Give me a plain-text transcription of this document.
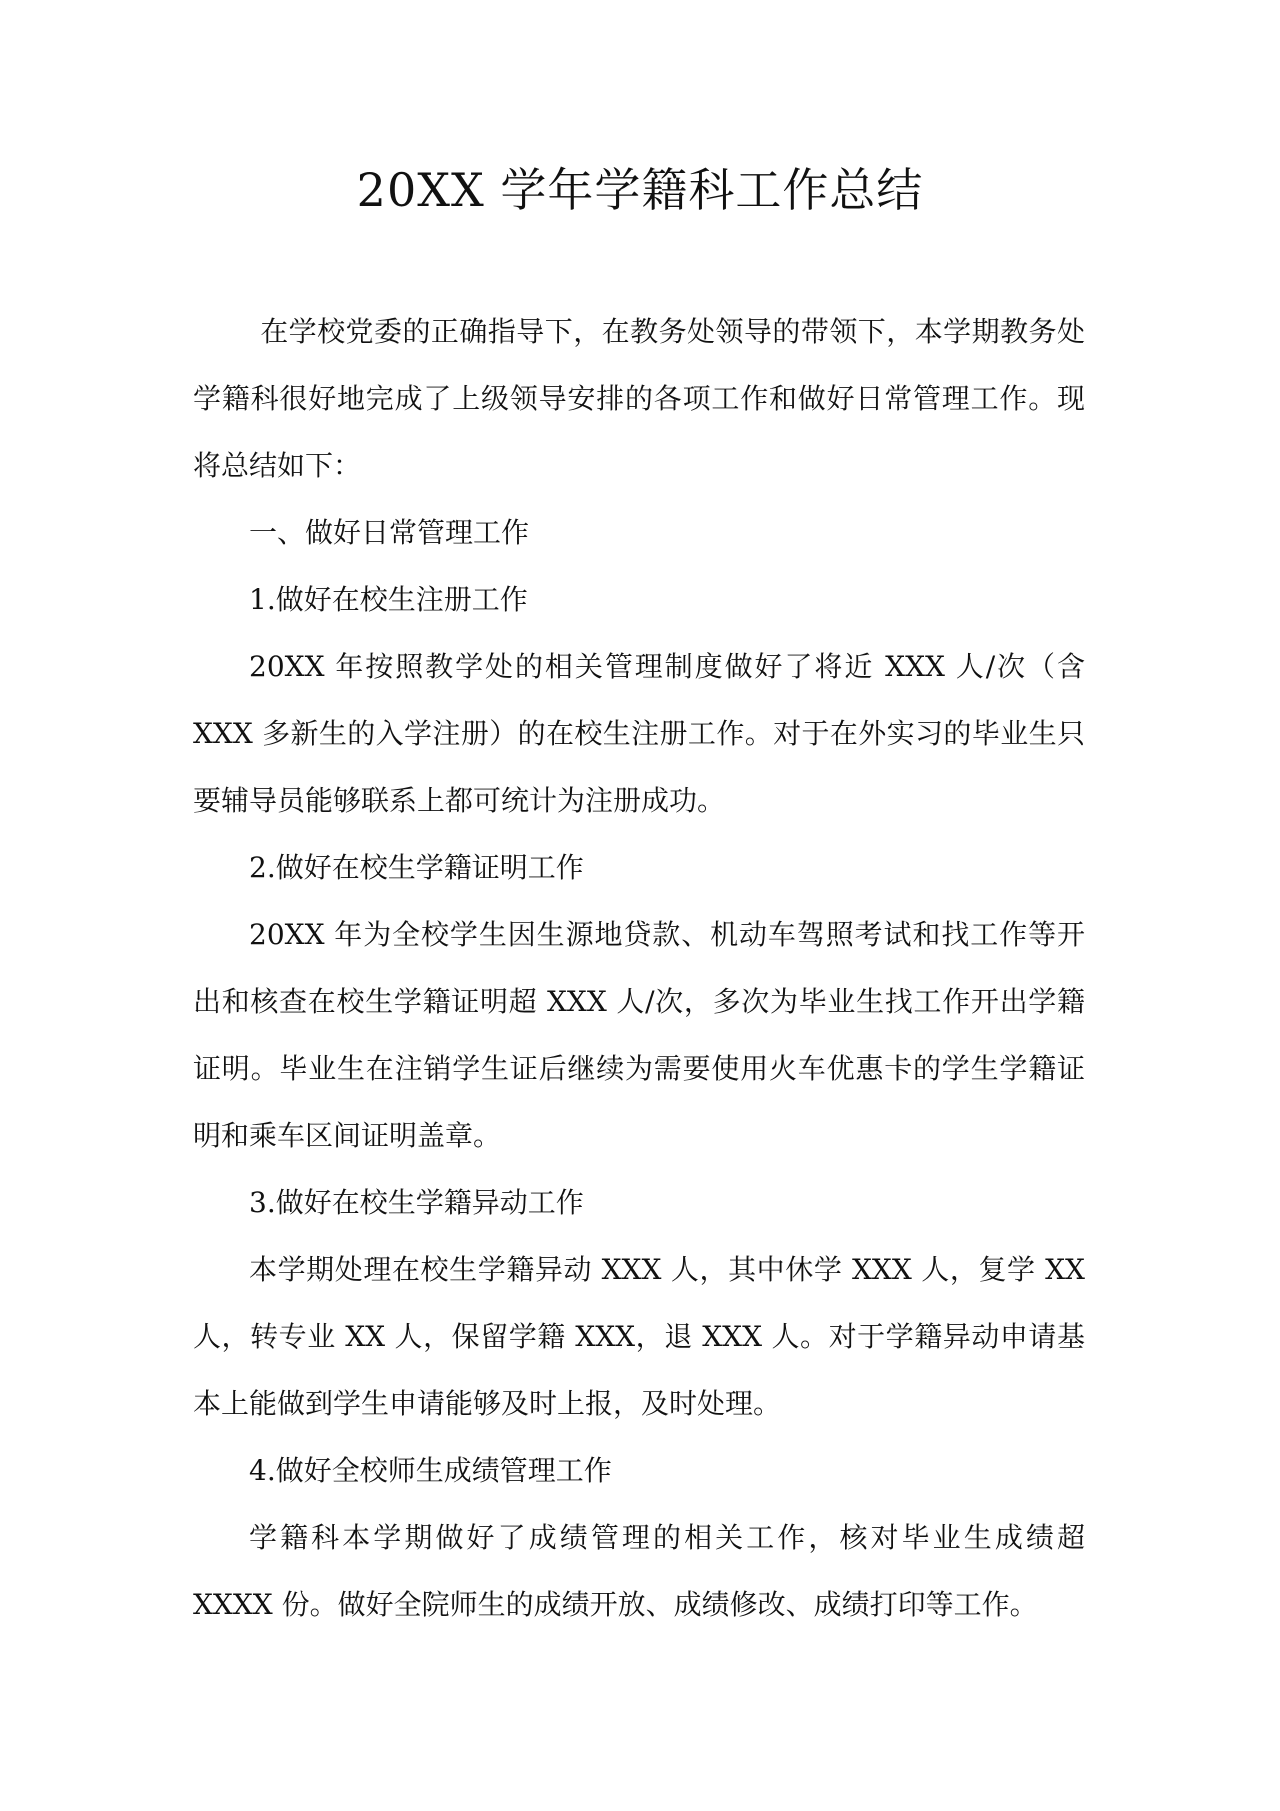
20XX 学年学籍科工作总结

在学校党委的正确指导下，在教务处领导的带领下，本学期教务处学籍科很好地完成了上级领导安排的各项工作和做好日常管理工作。现将总结如下：

一、做好日常管理工作

1.做好在校生注册工作

20XX 年按照教学处的相关管理制度做好了将近 XXX 人/次（含 XXX 多新生的入学注册）的在校生注册工作。对于在外实习的毕业生只要辅导员能够联系上都可统计为注册成功。

2.做好在校生学籍证明工作

20XX 年为全校学生因生源地贷款、机动车驾照考试和找工作等开出和核查在校生学籍证明超 XXX 人/次，多次为毕业生找工作开出学籍证明。毕业生在注销学生证后继续为需要使用火车优惠卡的学生学籍证明和乘车区间证明盖章。

3.做好在校生学籍异动工作

本学期处理在校生学籍异动 XXX 人，其中休学 XXX 人，复学 XX 人，转专业 XX 人，保留学籍 XXX，退 XXX 人。对于学籍异动申请基本上能做到学生申请能够及时上报，及时处理。

4.做好全校师生成绩管理工作

学籍科本学期做好了成绩管理的相关工作，核对毕业生成绩超 XXXX 份。做好全院师生的成绩开放、成绩修改、成绩打印等工作。
